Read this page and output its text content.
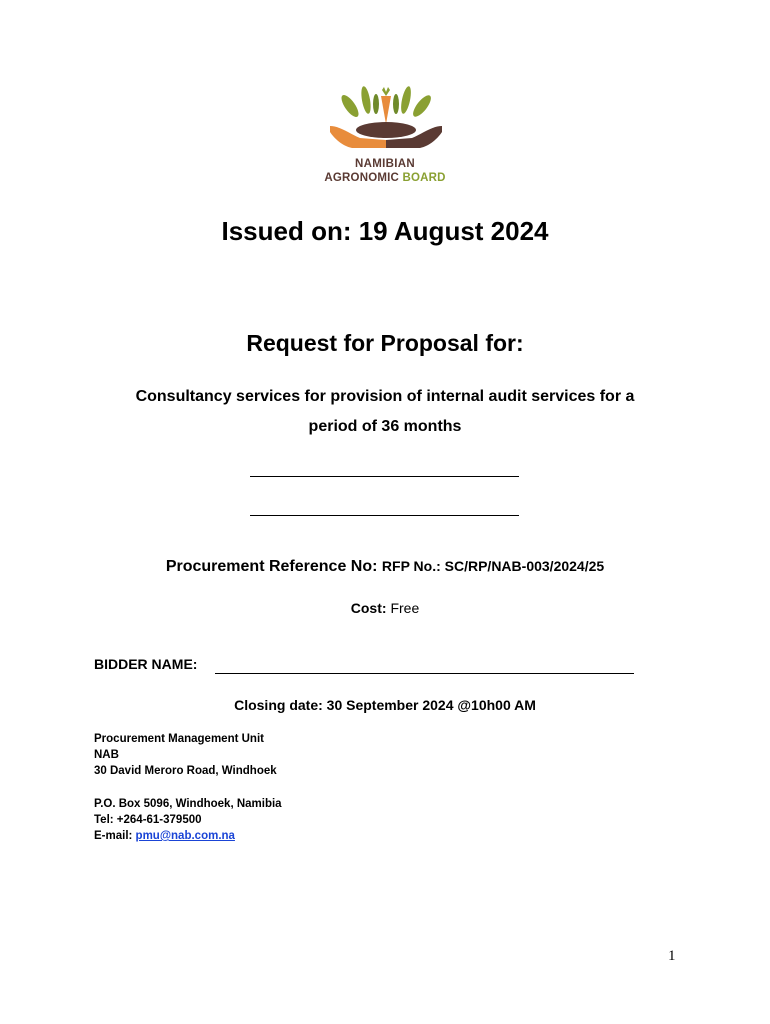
NAMIBIAN
AGRONOMIC BOARD
Issued on: 19 August 2024
Request for Proposal for:
Consultancy services for provision of internal audit services for a
period of 36 months
Procurement Reference No: RFP No.: SC/RP/NAB-003/2024/25
Cost: Free
BIDDER NAME:
Closing date: 30 September 2024 @10h00 AM
Procurement Management Unit
NAB
30 David Meroro Road, Windhoek
P.O. Box 5096, Windhoek, Namibia
Tel: +264-61-379500
E-mail: pmu@nab.com.na
1
